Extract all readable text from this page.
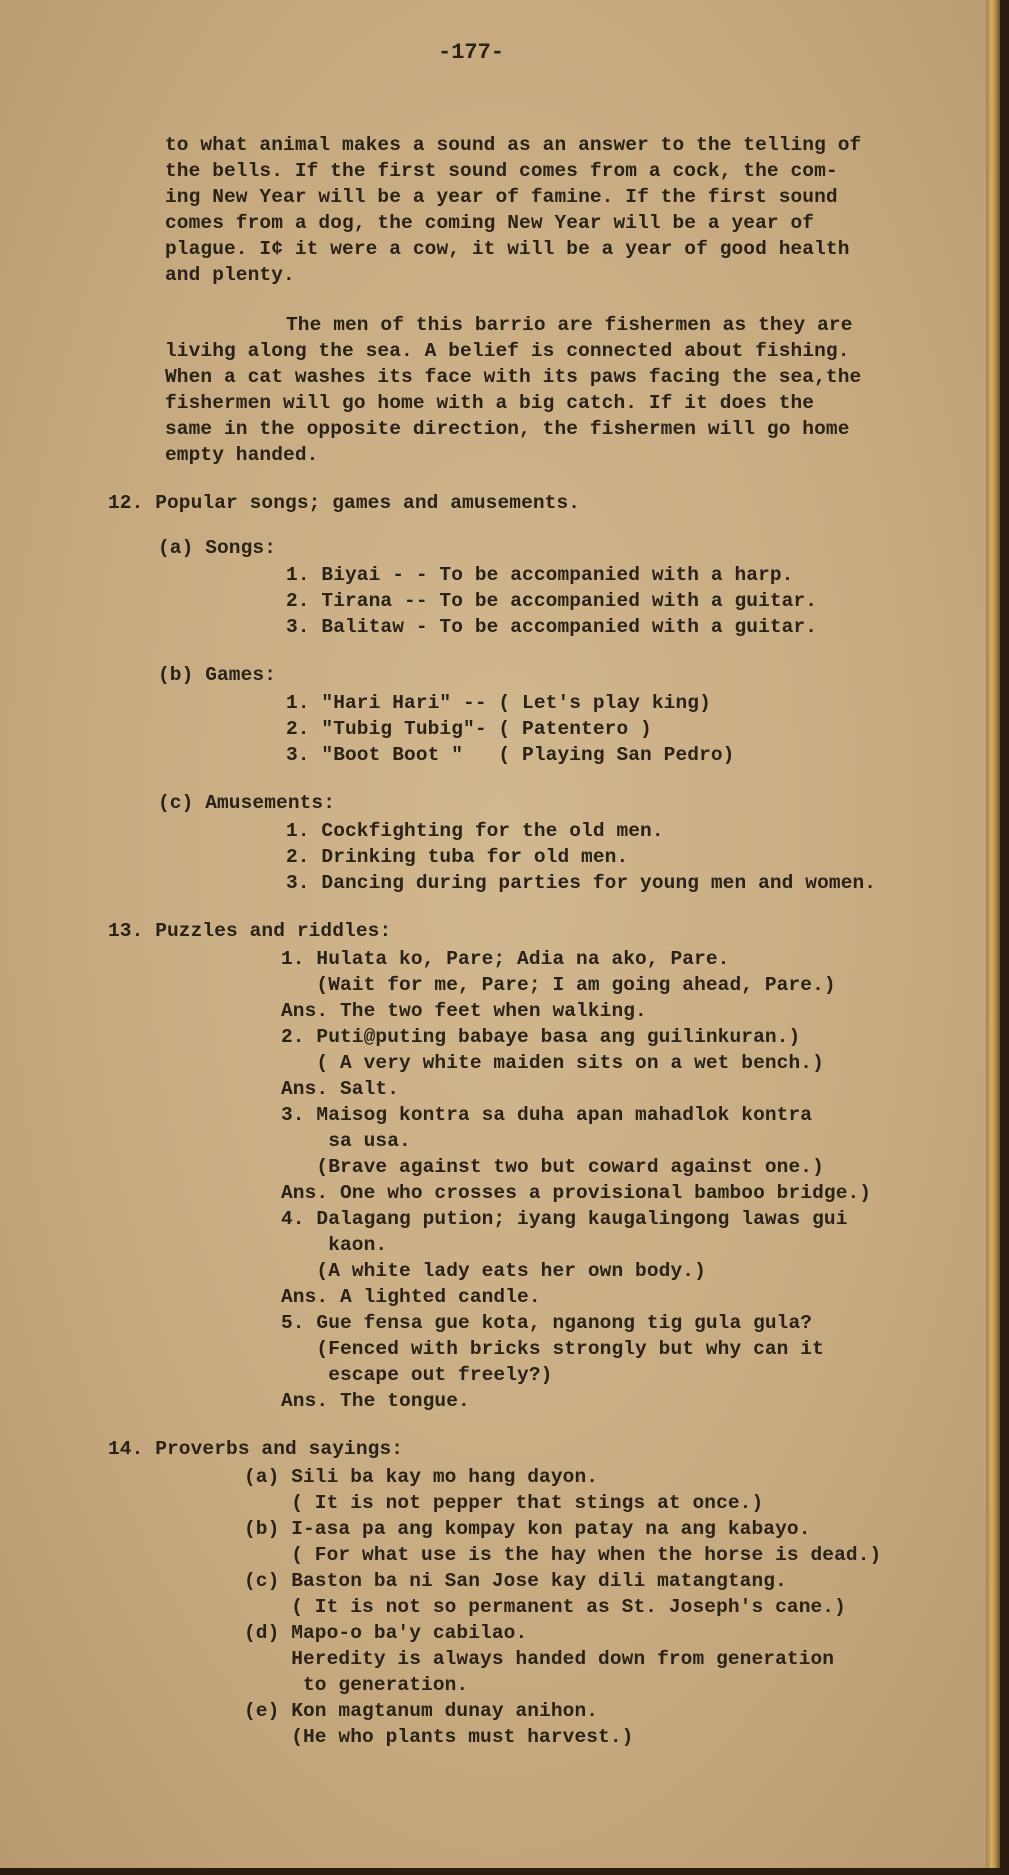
-177-
to what animal makes a sound as an answer to the telling of
the bells. If the first sound comes from a cock, the com-
ing New Year will be a year of famine. If the first sound
comes from a dog, the coming New Year will be a year of
plague. I¢ it were a cow, it will be a year of good health
and plenty.
The men of this barrio are fishermen as they are
livihg along the sea. A belief is connected about fishing.
When a cat washes its face with its paws facing the sea,the
fishermen will go home with a big catch. If it does the
same in the opposite direction, the fishermen will go home
empty handed.
12. Popular songs; games and amusements.
(a) Songs:
1. Biyai - - To be accompanied with a harp.
2. Tirana -- To be accompanied with a guitar.
3. Balitaw - To be accompanied with a guitar.
(b) Games:
1. "Hari Hari" -- ( Let's play king)
2. "Tubig Tubig"- ( Patentero )
3. "Boot Boot "   ( Playing San Pedro)
(c) Amusements:
1. Cockfighting for the old men.
2. Drinking tuba for old men.
3. Dancing during parties for young men and women.
13. Puzzles and riddles:
1. Hulata ko, Pare; Adia na ako, Pare.
(Wait for me, Pare; I am going ahead, Pare.)
Ans. The two feet when walking.
2. Puti@puting babaye basa ang guilinkuran.)
( A very white maiden sits on a wet bench.)
Ans. Salt.
3. Maisog kontra sa duha apan mahadlok kontra
sa usa.
(Brave against two but coward against one.)
Ans. One who crosses a provisional bamboo bridge.)
4. Dalagang pution; iyang kaugalingong lawas gui
kaon.
(A white lady eats her own body.)
Ans. A lighted candle.
5. Gue fensa gue kota, nganong tig gula gula?
(Fenced with bricks strongly but why can it
escape out freely?)
Ans. The tongue.
14. Proverbs and sayings:
(a) Sili ba kay mo hang dayon.
( It is not pepper that stings at once.)
(b) I-asa pa ang kompay kon patay na ang kabayo.
( For what use is the hay when the horse is dead.)
(c) Baston ba ni San Jose kay dili matangtang.
( It is not so permanent as St. Joseph's cane.)
(d) Mapo-o ba'y cabilao.
Heredity is always handed down from generation
to generation.
(e) Kon magtanum dunay anihon.
(He who plants must harvest.)
